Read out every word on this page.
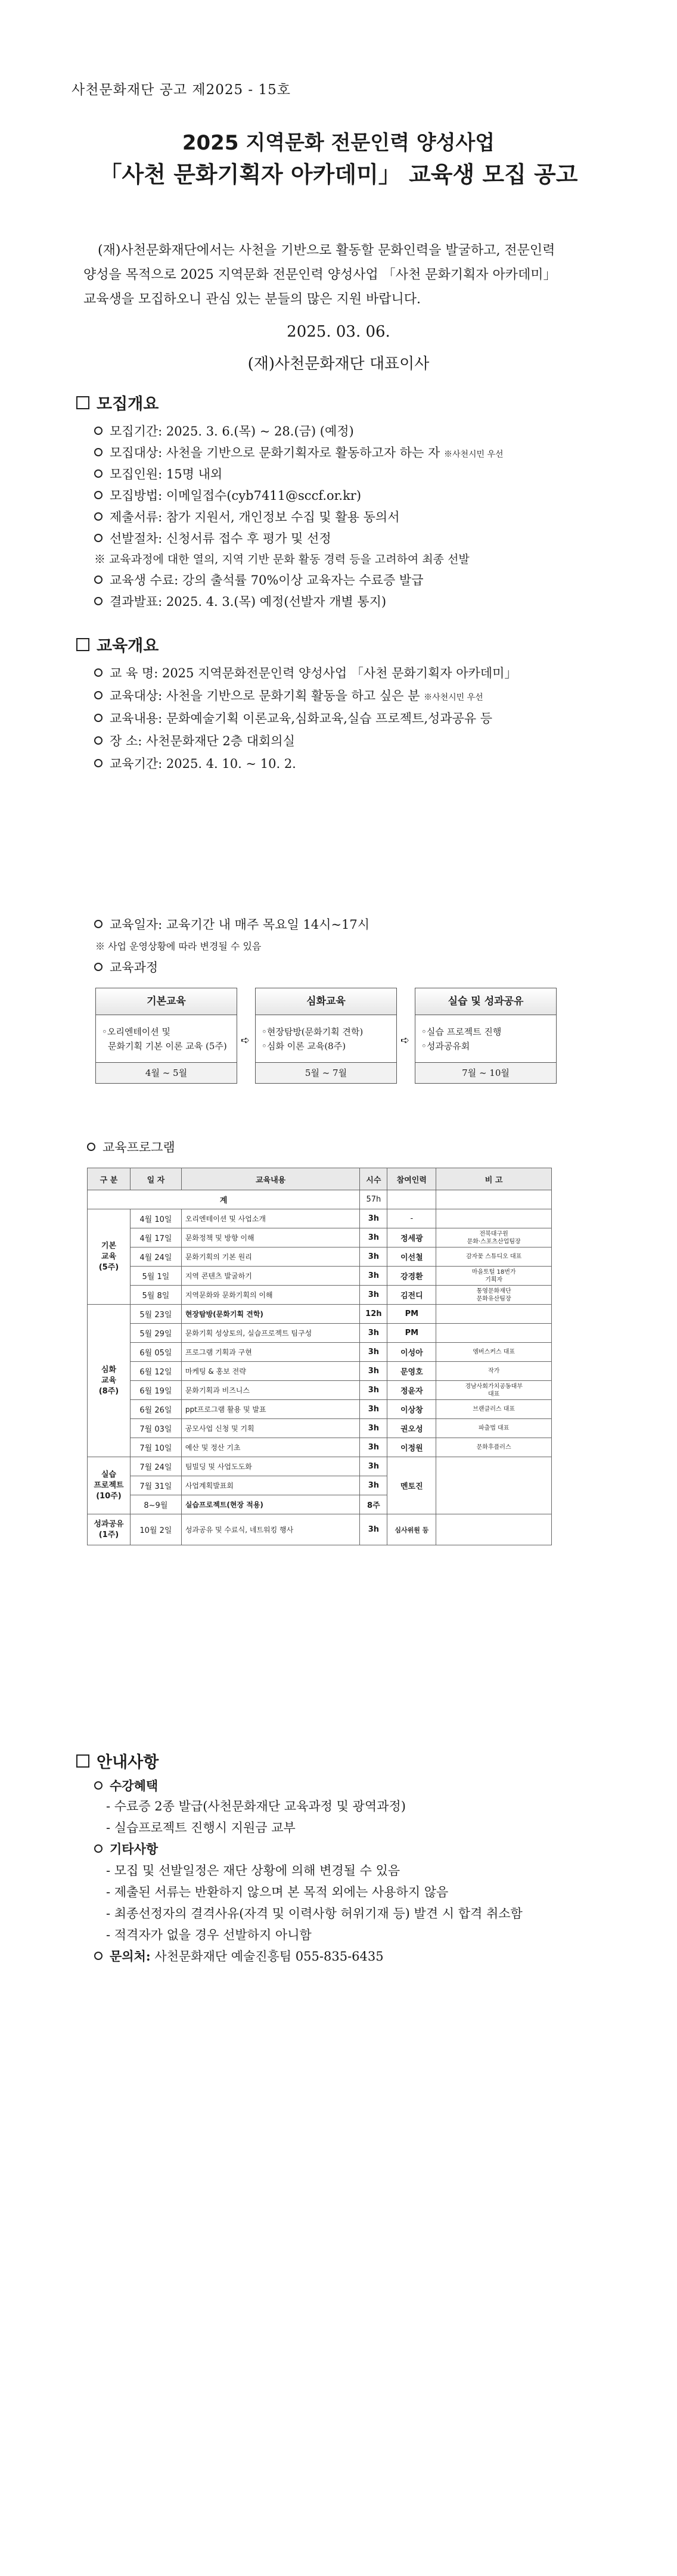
사천문화재단 공고 제2025 - 15호
2025 지역문화 전문인력 양성사업
「사천 문화기획자 아카데미」 교육생 모집 공고
(재)사천문화재단에서는 사천을 기반으로 활동할 문화인력을 발굴하고, 전문인력
양성을 목적으로 2025 지역문화 전문인력 양성사업 「사천 문화기획자 아카데미」
교육생을 모집하오니 관심 있는 분들의 많은 지원 바랍니다.
2025. 03. 06.
(재)사천문화재단 대표이사
모집개요
모집기간: 2025. 3. 6.(목) ~ 28.(금) (예정)
모집대상: 사천을 기반으로 문화기획자로 활동하고자 하는 자 ※사천시민 우선
모집인원: 15명 내외
모집방법: 이메일접수(cyb7411@sccf.or.kr)
제출서류: 참가 지원서, 개인정보 수집 및 활용 동의서
선발절차: 신청서류 접수 후 평가 및 선정
※ 교육과정에 대한 열의, 지역 기반 문화 활동 경력 등을 고려하여 최종 선발
교육생 수료: 강의 출석률 70%이상 교육자는 수료증 발급
결과발표: 2025. 4. 3.(목) 예정(선발자 개별 통지)
교육개요
교 육 명: 2025 지역문화전문인력 양성사업 「사천 문화기획자 아카데미」
교육대상: 사천을 기반으로 문화기획 활동을 하고 싶은 분 ※사천시민 우선
교육내용: 문화예술기획 이론교육,심화교육,실습 프로젝트,성과공유 등
장 소: 사천문화재단 2층 대회의실
교육기간: 2025. 4. 10. ~ 10. 2.
교육일자: 교육기간 내 매주 목요일 14시~17시
※ 사업 운영상황에 따라 변경될 수 있음
교육과정
기본교육
◦오리엔테이션 및
문화기획 기본 이론 교육 (5주)
4월 ~ 5월
➪
심화교육
◦현장탐방(문화기획 견학)
◦심화 이론 교육(8주)
5월 ~ 7월
➪
실습 및 성과공유
◦실습 프로젝트 진행
◦성과공유회
7월 ~ 10월
교육프로그램
구 분	일 자	교육내용	시수	참여인력	비 고
계			57h		

기본
교육
(5주)	4월 10일	오리엔테이션 및 사업소개	3h	-	

	4월 17일	문화정책 및 방향 이해	3h	정세광	전북대구원
문화·스포츠산업팀장

	4월 24일	문화기획의 기본 원리	3h	이선철	감자꽃 스튜디오 대표

	5월 1일	지역 콘텐츠 발굴하기	3h	강경환	마을토털 18번가
기획자

	5월 8일	지역문화와 문화기획의 이해	3h	김전디	통영문화재단
문화유산팀장

심화
교육
(8주)	5월 23일	현장탐방(문화기획 견학)	12h	PM	

	5월 29일	문화기획 성상토의, 실습프로젝트 팀구성	3h	PM	

	6월 05일	프로그램 기획과 구현	3h	이성아	엠버스커스 대표

	6월 12일	마케팅 & 홍보 전략	3h	문영호	작가

	6월 19일	문화기획과 비즈니스	3h	정윤자	경남사회가치공동대부
대표

	6월 26일	ppt프로그램 활용 및 발표	3h	이상창	브랜클러스 대표

	7월 03일	공모사업 신청 및 기획	3h	권오성	파출법 대표

	7월 10일	예산 및 정산 기초	3h	이정원	문화후플러스

실습
프로젝트
(10주)	7월 24일	팀빌딩 및 사업도도화	3h	멘토진	
	7월 31일	사업계획발표회	3h		
	8~9월	실습프로젝트(현장 적용)	8주		

성과공유
(1주)	10월 2일	성과공유 및 수료식, 네트워킹 행사	3h	심사위원 등	
안내사항
수강혜택
- 수료증 2종 발급(사천문화재단 교육과정 및 광역과정)
- 실습프로젝트 진행시 지원금 교부
기타사항
- 모집 및 선발일정은 재단 상황에 의해 변경될 수 있음
- 제출된 서류는 반환하지 않으며 본 목적 외에는 사용하지 않음
- 최종선정자의 결격사유(자격 및 이력사항 허위기재 등) 발견 시 합격 취소함
- 적격자가 없을 경우 선발하지 아니함
문의처: 사천문화재단 예술진흥팀 055-835-6435
